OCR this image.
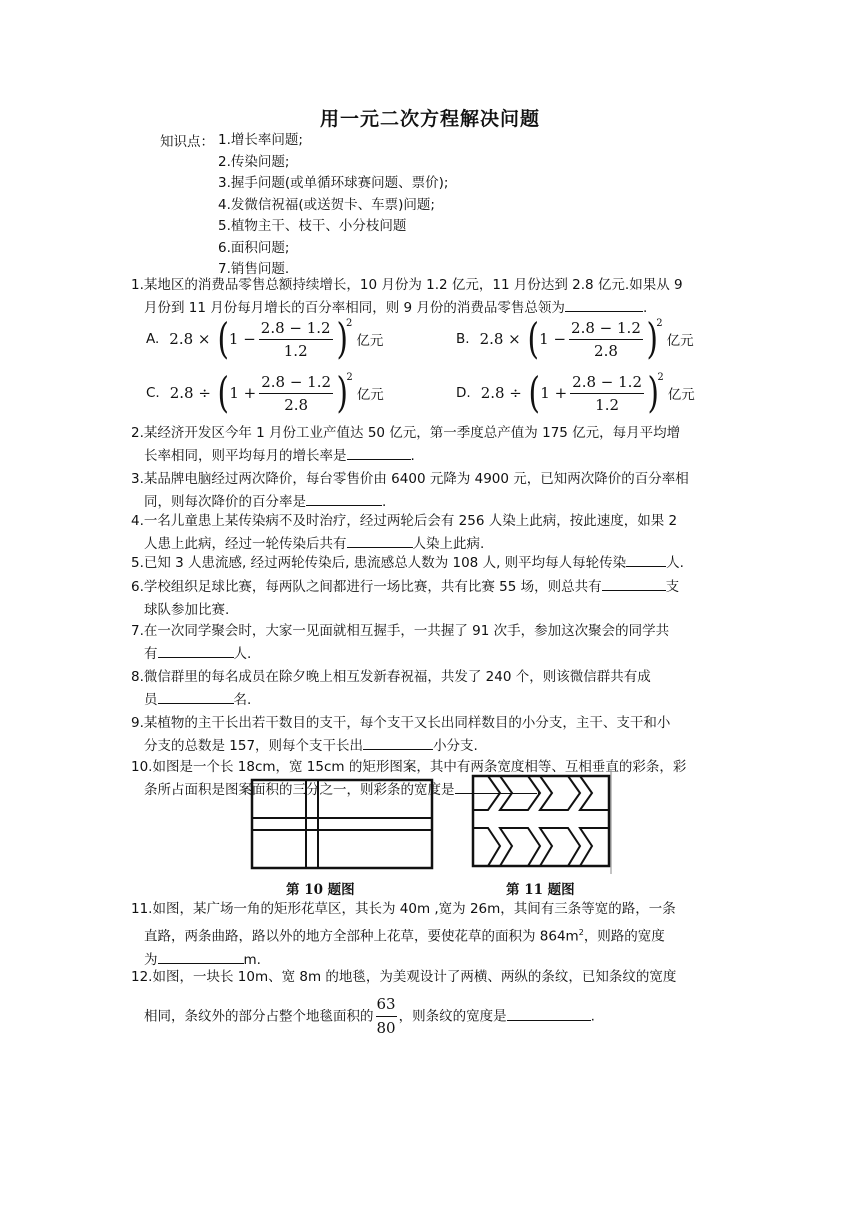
用一元二次方程解决问题
知识点： 1.增长率问题;
2.传染问题;
3.握手问题(或单循环球赛问题、票价);
4.发微信祝福(或送贺卡、车票)问题;
5.植物主干、枝干、小分枝问题
6.面积问题;
7.销售问题.
1.某地区的消费品零售总额持续增长，10 月份为 1.2 亿元，11 月份达到 2.8 亿元.如果从 9
月份到 11 月份每月增长的百分率相同，则 9 月份的消费品零售总领为	.
A. 2.8 × ( $1 - \frac{2.8 - 1.2}{1.2}$ )
2
亿元	B. 2.8 × ( $1 - \frac{2.8 - 1.2}{2.8}$ )
2
亿元
C. 2.8 ÷ ( $1 + \frac{2.8 - 1.2}{2.8}$ )
2
亿元	D. 2.8 ÷ ( $1 + \frac{2.8 - 1.2}{1.2}$ )
2
亿元
2.某经济开发区今年 1 月份工业产值达 50 亿元，第一季度总产值为 175 亿元，每月平均增
长率相同，则平均每月的增长率是	.
3.某品牌电脑经过两次降价，每台零售价由 6400 元降为 4900 元，已知两次降价的百分率相
同，则每次降价的百分率是	.
4.一名儿童患上某传染病不及时治疗，经过两轮后会有 256 人染上此病，按此速度，如果 2
人患上此病，经过一轮传染后共有	人染上此病.
5.已知 3 人患流感, 经过两轮传染后, 患流感总人数为 108 人, 则平均每人每轮传染	人.
6.学校组织足球比赛，每两队之间都进行一场比赛，共有比赛 55 场，则总共有	支
球队参加比赛.
7.在一次同学聚会时，大家一见面就相互握手，一共握了 91 次手，参加这次聚会的同学共
有	人.
8.微信群里的每名成员在除夕晚上相互发新春祝福，共发了 240 个，则该微信群共有成
员	名.
9.某植物的主干长出若干数目的支干，每个支干又长出同样数目的小分支，主干、支干和小
分支的总数是 157，则每个支干长出	小分支.
10.如图是一个长 18cm，宽 15cm 的矩形图案，其中有两条宽度相等、互相垂直的彩条，彩
条所占面积是图案面积的三分之一，则彩条的宽度是	.
第 10 题图	第 11 题图
11.如图，某广场一角的矩形花草区，其长为 40m ,宽为 26m，其间有三条等宽的路，一条
直路，两条曲路，路以外的地方全部种上花草，要使花草的面积为 $864m^2$，则路的宽度
为	m.
12.如图，一块长 10m、宽 8m 的地毯，为美观设计了两横、两纵的条纹，已知条纹的宽度
相同，条纹外的部分占整个地毯面积的 $\frac{63}{80}$ ，则条纹的宽度是	.
